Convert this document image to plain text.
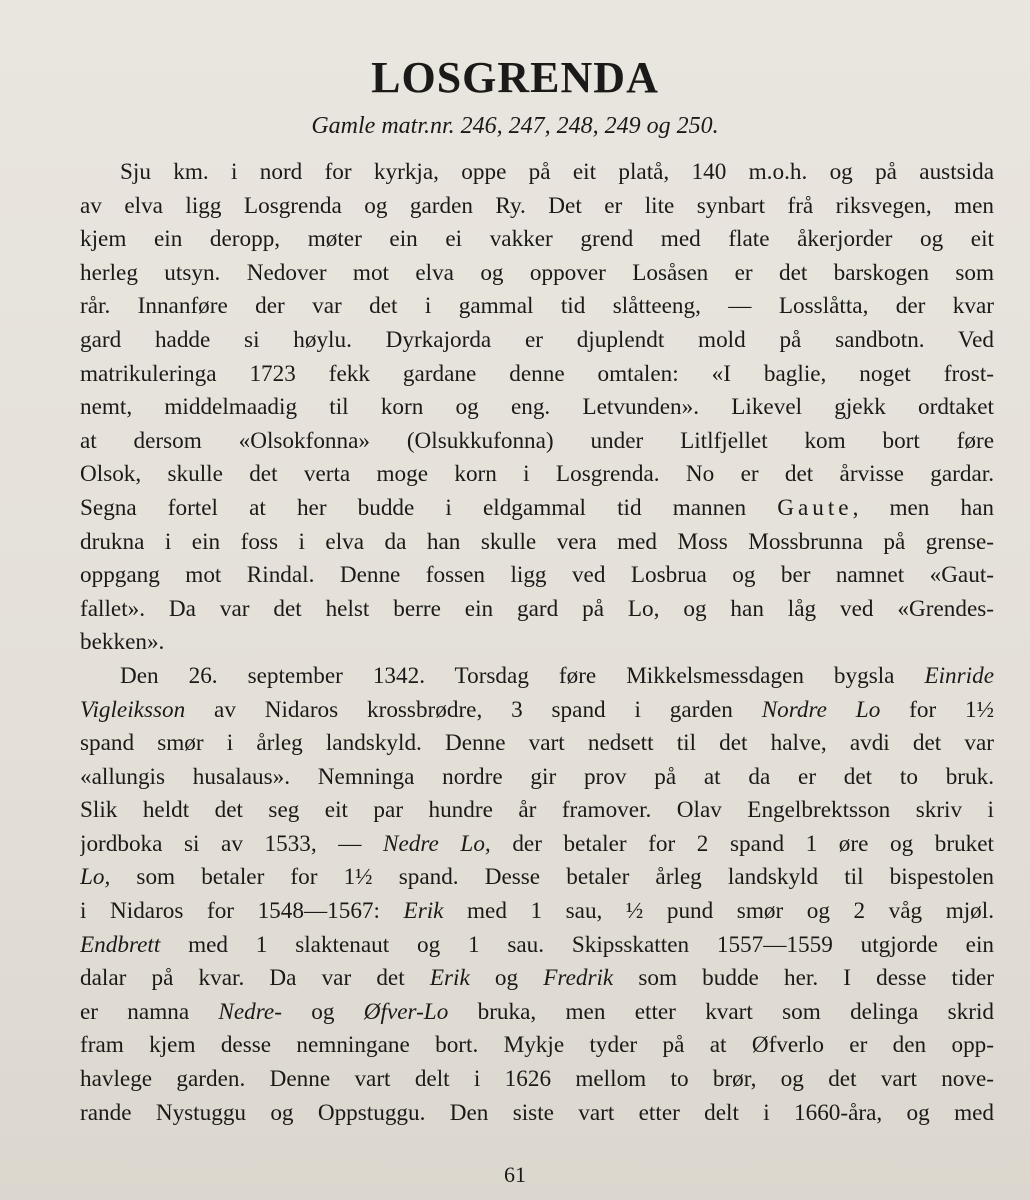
LOSGRENDA
Gamle matr.nr. 246, 247, 248, 249 og 250.
Sju km. i nord for kyrkja, oppe på eit platå, 140 m.o.h. og på austsida
av elva ligg Losgrenda og garden Ry. Det er lite synbart frå riksvegen, men
kjem ein deropp, møter ein ei vakker grend med flate åkerjorder og eit
herleg utsyn. Nedover mot elva og oppover Losåsen er det barskogen som
rår. Innanføre der var det i gammal tid slåtteeng, — Losslåtta, der kvar
gard hadde si høylu. Dyrkajorda er djuplendt mold på sandbotn. Ved
matrikuleringa 1723 fekk gardane denne omtalen: «I baglie, noget frost-
nemt, middelmaadig til korn og eng. Letvunden». Likevel gjekk ordtaket
at dersom «Olsokfonna» (Olsukkufonna) under Litlfjellet kom bort føre
Olsok, skulle det verta moge korn i Losgrenda. No er det årvisse gardar.
Segna fortel at her budde i eldgammal tid mannen Gaute, men han
drukna i ein foss i elva da han skulle vera med Moss Mossbrunna på grense-
oppgang mot Rindal. Denne fossen ligg ved Losbrua og ber namnet «Gaut-
fallet». Da var det helst berre ein gard på Lo, og han låg ved «Grendes-
bekken».
Den 26. september 1342. Torsdag føre Mikkelsmessdagen bygsla Einride
Vigleiksson av Nidaros krossbrødre, 3 spand i garden Nordre Lo for 1½
spand smør i årleg landskyld. Denne vart nedsett til det halve, avdi det var
«allungis husalaus». Nemninga nordre gir prov på at da er det to bruk.
Slik heldt det seg eit par hundre år framover. Olav Engelbrektsson skriv i
jordboka si av 1533, — Nedre Lo, der betaler for 2 spand 1 øre og bruket
Lo, som betaler for 1½ spand. Desse betaler årleg landskyld til bispestolen
i Nidaros for 1548—1567: Erik med 1 sau, ½ pund smør og 2 våg mjøl.
Endbrett med 1 slaktenaut og 1 sau. Skipsskatten 1557—1559 utgjorde ein
dalar på kvar. Da var det Erik og Fredrik som budde her. I desse tider
er namna Nedre- og Øfver-Lo bruka, men etter kvart som delinga skrid
fram kjem desse nemningane bort. Mykje tyder på at Øfverlo er den opp-
havlege garden. Denne vart delt i 1626 mellom to brør, og det vart nove-
rande Nystuggu og Oppstuggu. Den siste vart etter delt i 1660-åra, og med
61
